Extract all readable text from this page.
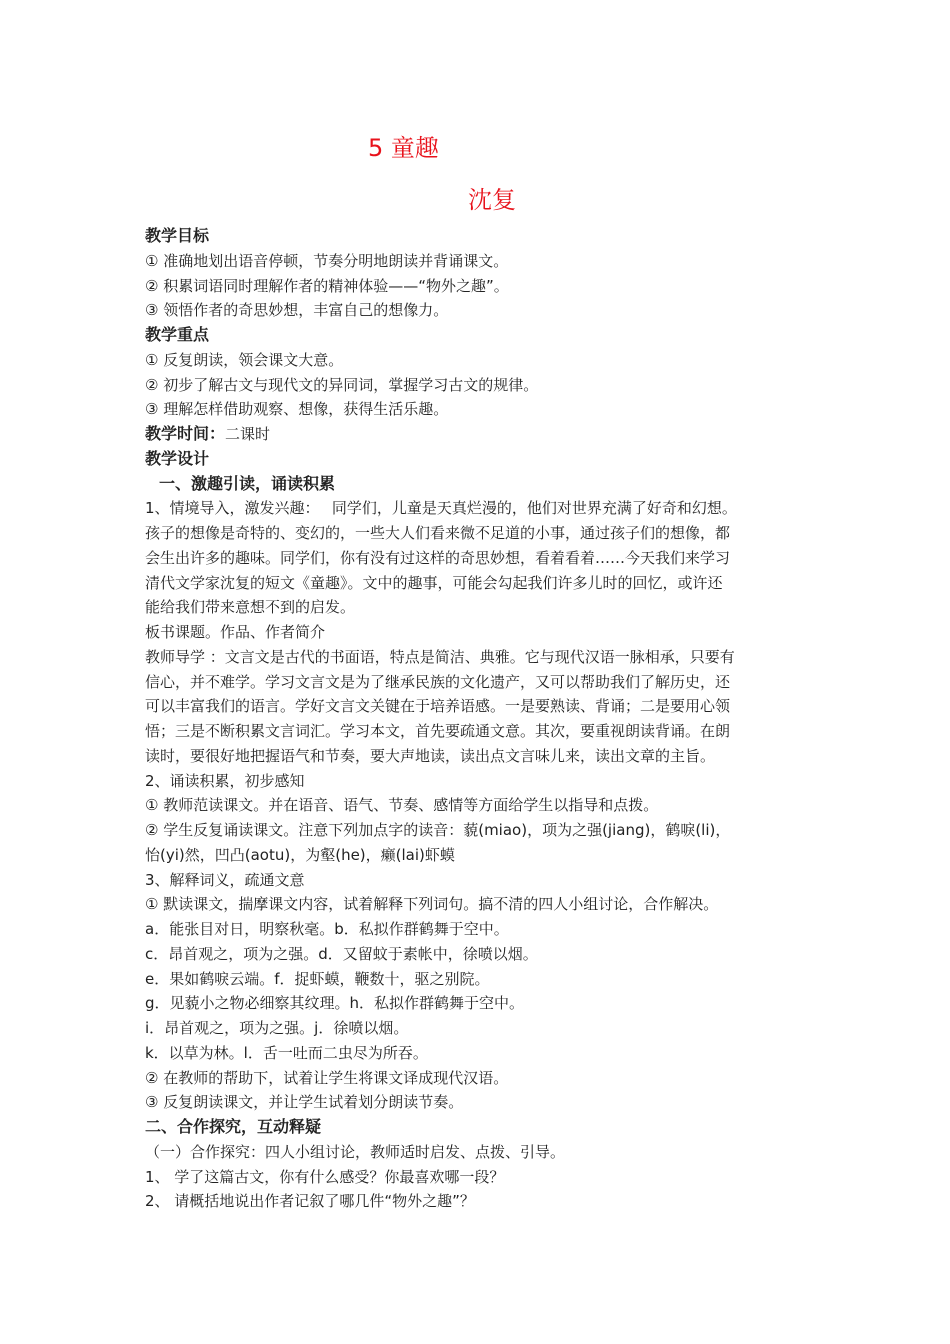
5 童趣
沈复
教学目标
① 准确地划出语音停顿，节奏分明地朗读并背诵课文。
② 积累词语同时理解作者的精神体验——“物外之趣”。
③ 领悟作者的奇思妙想，丰富自己的想像力。
教学重点
① 反复朗读，领会课文大意。
② 初步了解古文与现代文的异同词，掌握学习古文的规律。
③ 理解怎样借助观察、想像，获得生活乐趣。
教学时间：二课时
教学设计
一、激趣引读，诵读积累
1、情境导入，激发兴趣：　 同学们，儿童是天真烂漫的，他们对世界充满了好奇和幻想。
孩子的想像是奇特的、变幻的，一些大人们看来微不足道的小事，通过孩子们的想像，都
会生出许多的趣味。同学们，你有没有过这样的奇思妙想，看着看着……今天我们来学习
清代文学家沈复的短文《童趣》。文中的趣事，可能会勾起我们许多儿时的回忆，或许还
能给我们带来意想不到的启发。
板书课题。作品、作者简介
教师导学 ：文言文是古代的书面语，特点是简洁、典雅。它与现代汉语一脉相承，只要有
信心，并不难学。学习文言文是为了继承民族的文化遗产，又可以帮助我们了解历史，还
可以丰富我们的语言。学好文言文关键在于培养语感。一是要熟读、背诵；二是要用心领
悟；三是不断积累文言词汇。学习本文，首先要疏通文意。其次，要重视朗读背诵。在朗
读时，要很好地把握语气和节奏，要大声地读，读出点文言味儿来，读出文章的主旨。
2、诵读积累，初步感知
① 教师范读课文。并在语音、语气、节奏、感情等方面给学生以指导和点拨。
② 学生反复诵读课文。注意下列加点字的读音：藐(miao)，项为之强(jiang)，鹤唳(li)，
怡(yi)然，凹凸(aotu)，为壑(he)，癞(lai)虾蟆
3、解释词义，疏通文意
① 默读课文，揣摩课文内容，试着解释下列词句。搞不清的四人小组讨论，合作解决。
a．能张目对日，明察秋毫。b．私拟作群鹤舞于空中。
c．昂首观之，项为之强。d．又留蚊于素帐中，徐喷以烟。
e．果如鹤唳云端。f．捉虾蟆，鞭数十，驱之别院。
g．见藐小之物必细察其纹理。h．私拟作群鹤舞于空中。
i．昂首观之，项为之强。j．徐喷以烟。
k．以草为林。l．舌一吐而二虫尽为所吞。
② 在教师的帮助下，试着让学生将课文译成现代汉语。
③ 反复朗读课文，并让学生试着划分朗读节奏。
二、合作探究，互动释疑
（一）合作探究：四人小组讨论，教师适时启发、点拨、引导。
1、 学了这篇古文，你有什么感受？你最喜欢哪一段？
2、 请概括地说出作者记叙了哪几件“物外之趣”？
